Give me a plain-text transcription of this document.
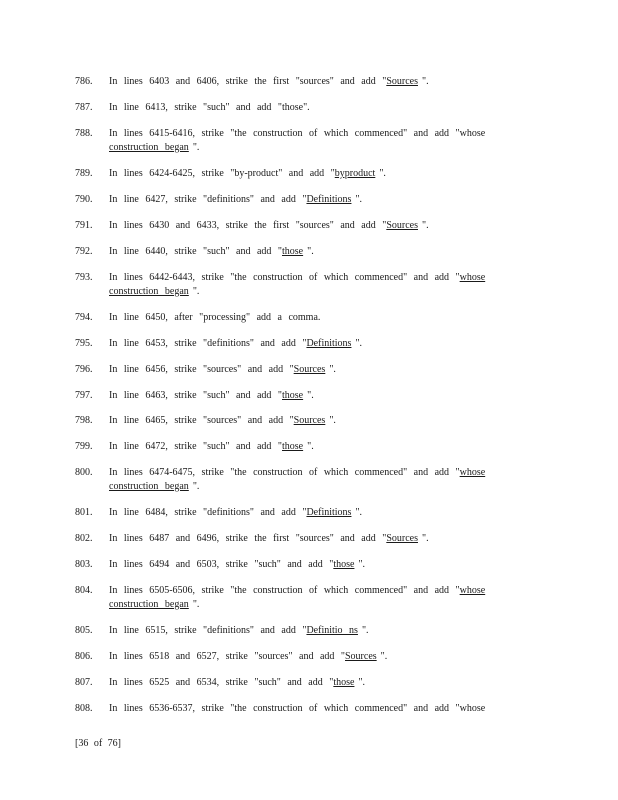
786.	In lines 6403 and 6406, strike the first "sources" and add "Sources ".
787.	In line 6413, strike "such" and add "those".
788.	In lines 6415-6416, strike "the construction of which commenced" and add "whose
construction began ".
789.	In lines 6424-6425, strike "by-product" and add "byproduct ".
790.	In line 6427, strike "definitions" and add "Definitions ".
791.	In lines 6430 and 6433, strike the first "sources" and add "Sources ".
792.	In line 6440, strike "such" and add "those ".
793.	In lines 6442-6443, strike "the construction of which commenced" and add "whose
construction began ".
794.	In line 6450, after "processing" add a comma.
795.	In line 6453, strike "definitions" and add "Definitions ".
796.	In line 6456, strike "sources" and add "Sources ".
797.	In line 6463, strike "such" and add "those ".
798.	In line 6465, strike "sources" and add "Sources ".
799.	In line 6472, strike "such" and add "those ".
800.	In lines 6474-6475, strike "the construction of which commenced" and add "whose
construction began ".
801.	In line 6484, strike "definitions" and add "Definitions ".
802.	In lines 6487 and 6496, strike the first "sources" and add "Sources ".
803.	In lines 6494 and 6503, strike "such" and add "those ".
804.	In lines 6505-6506, strike "the construction of which commenced" and add "whose
construction began ".
805.	In line 6515, strike "definitions" and add "Definitio ns ".
806.	In lines 6518 and 6527, strike "sources" and add "Sources ".
807.	In lines 6525 and 6534, strike "such" and add "those ".
808.	In lines 6536-6537, strike "the construction of which commenced" and add "whose
[36 of 76]
